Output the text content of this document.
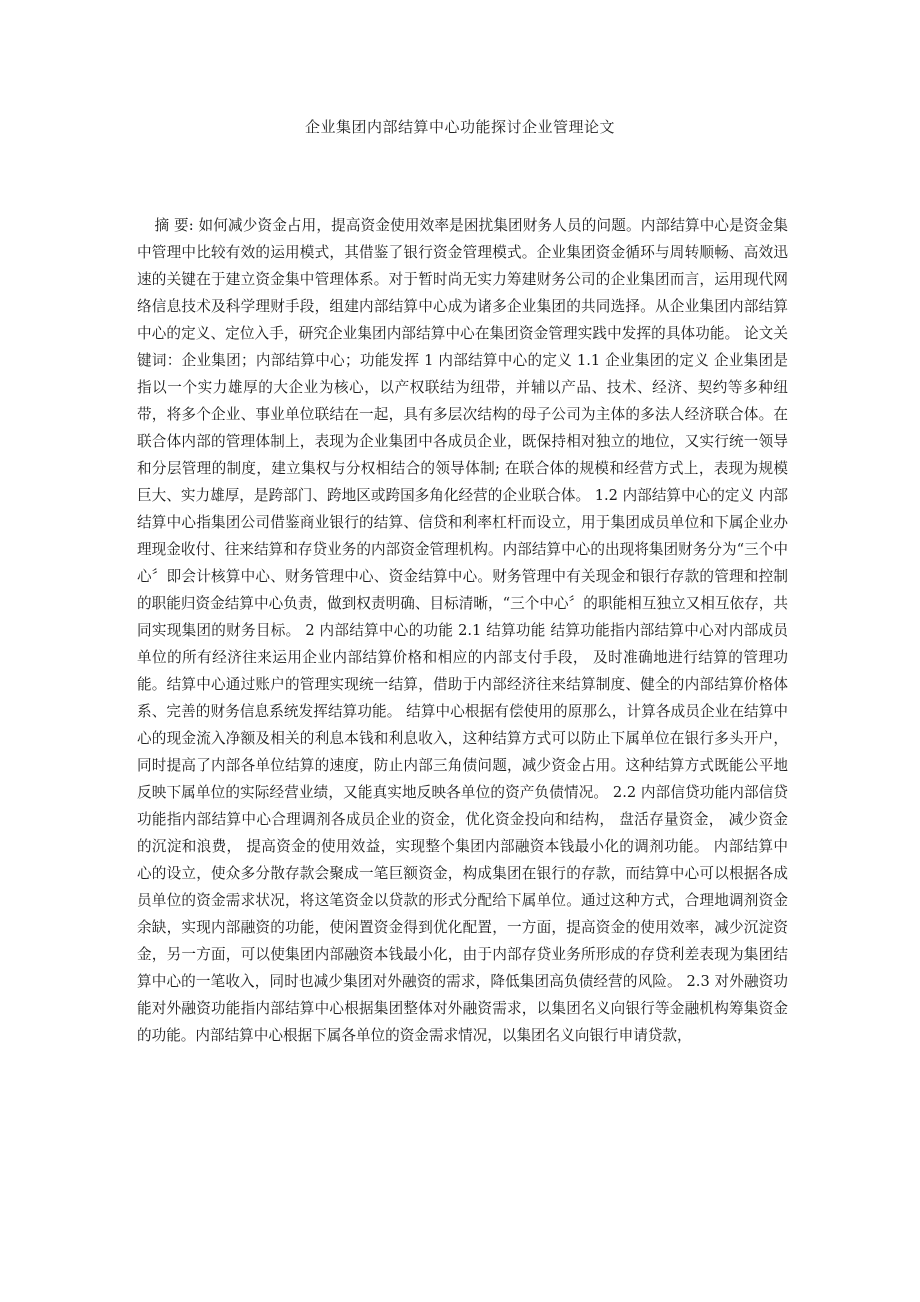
企业集团内部结算中心功能探讨企业管理论文
摘 要: 如何减少资金占用，提高资金使用效率是困扰集团财务人员的问题。内部结算中心是资金集中管理中比较有效的运用模式，其借鉴了银行资金管理模式。企业集团资金循环与周转顺畅、高效迅速的关键在于建立资金集中管理体系。对于暂时尚无实力筹建财务公司的企业集团而言，运用现代网络信息技术及科学理财手段，组建内部结算中心成为诸多企业集团的共同选择。从企业集团内部结算中心的定义、定位入手，研究企业集团内部结算中心在集团资金管理实践中发挥的具体功能。 论文关键词：企业集团；内部结算中心；功能发挥 1 内部结算中心的定义 1.1 企业集团的定义 企业集团是指以一个实力雄厚的大企业为核心，以产权联结为纽带，并辅以产品、技术、经济、契约等多种纽带，将多个企业、事业单位联结在一起，具有多层次结构的母子公司为主体的多法人经济联合体。在联合体内部的管理体制上，表现为企业集团中各成员企业，既保持相对独立的地位，又实行统一领导和分层管理的制度，建立集权与分权相结合的领导体制; 在联合体的规模和经营方式上，表现为规模巨大、实力雄厚，是跨部门、跨地区或跨国多角化经营的企业联合体。 1.2 内部结算中心的定义 内部结算中心指集团公司借鉴商业银行的结算、信贷和利率杠杆而设立，用于集团成员单位和下属企业办理现金收付、往来结算和存贷业务的内部资金管理机构。内部结算中心的出现将集团财务分为“三个中心〞即会计核算中心、财务管理中心、资金结算中心。财务管理中有关现金和银行存款的管理和控制的职能归资金结算中心负责，做到权责明确、目标清晰，“三个中心〞的职能相互独立又相互依存，共同实现集团的财务目标。 2 内部结算中心的功能 2.1 结算功能 结算功能指内部结算中心对内部成员单位的所有经济往来运用企业内部结算价格和相应的内部支付手段， 及时准确地进行结算的管理功能。结算中心通过账户的管理实现统一结算，借助于内部经济往来结算制度、健全的内部结算价格体系、完善的财务信息系统发挥结算功能。 结算中心根据有偿使用的原那么，计算各成员企业在结算中心的现金流入净额及相关的利息本钱和利息收入，这种结算方式可以防止下属单位在银行多头开户，同时提高了内部各单位结算的速度，防止内部三角债问题，减少资金占用。这种结算方式既能公平地反映下属单位的实际经营业绩，又能真实地反映各单位的资产负债情况。 2.2 内部信贷功能内部信贷功能指内部结算中心合理调剂各成员企业的资金，优化资金投向和结构， 盘活存量资金， 减少资金的沉淀和浪费， 提高资金的使用效益，实现整个集团内部融资本钱最小化的调剂功能。 内部结算中心的设立，使众多分散存款会聚成一笔巨额资金，构成集团在银行的存款，而结算中心可以根据各成员单位的资金需求状况，将这笔资金以贷款的形式分配给下属单位。通过这种方式，合理地调剂资金余缺，实现内部融资的功能，使闲置资金得到优化配置，一方面，提高资金的使用效率，减少沉淀资金，另一方面，可以使集团内部融资本钱最小化，由于内部存贷业务所形成的存贷利差表现为集团结算中心的一笔收入，同时也减少集团对外融资的需求，降低集团高负债经营的风险。 2.3 对外融资功能对外融资功能指内部结算中心根据集团整体对外融资需求，以集团名义向银行等金融机构筹集资金的功能。内部结算中心根据下属各单位的资金需求情况，以集团名义向银行申请贷款，
